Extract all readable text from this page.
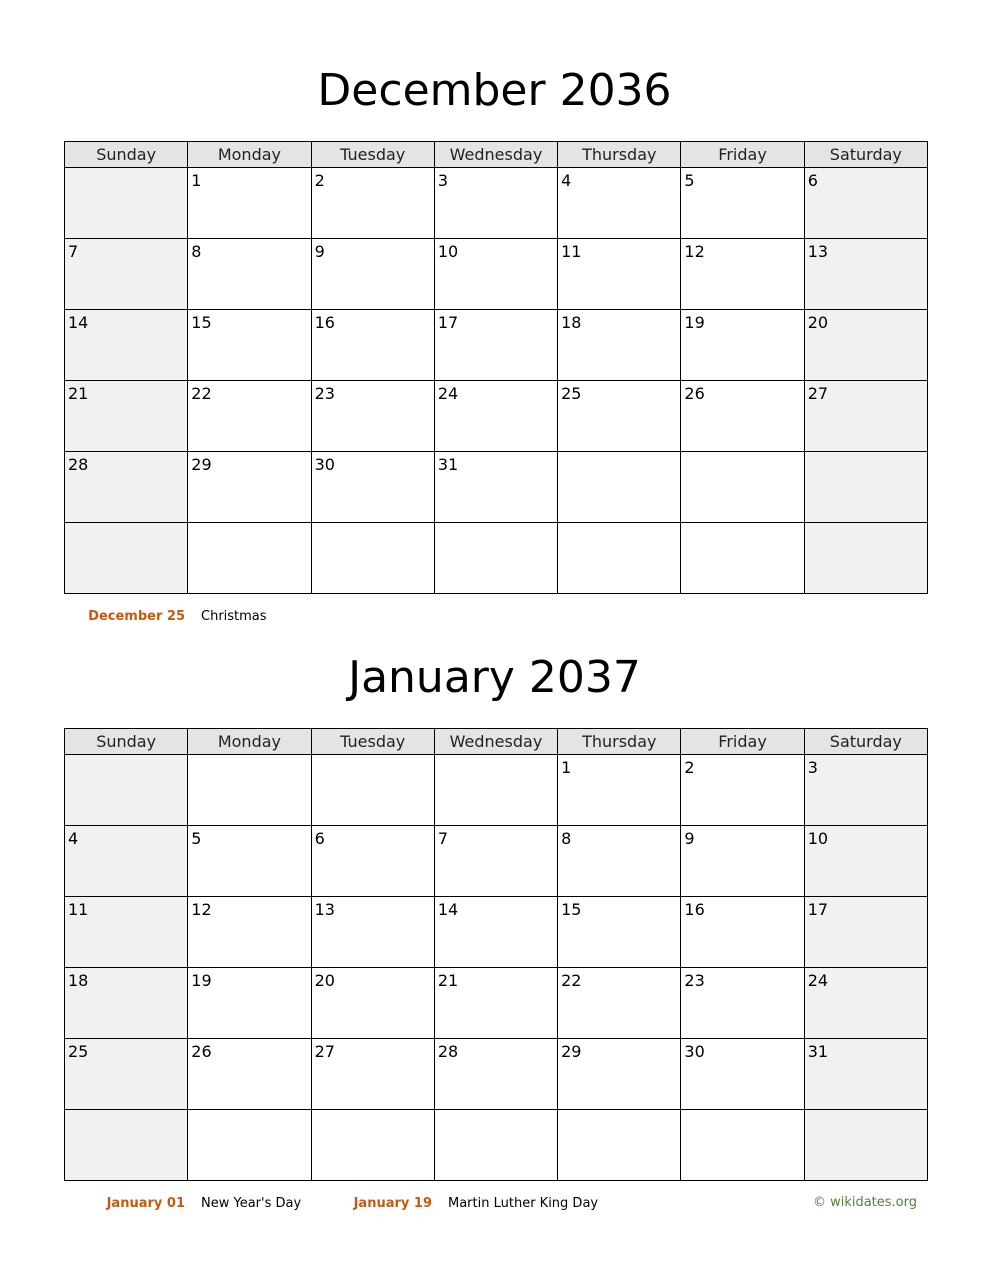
December 2036
Sunday	Monday	Tuesday	Wednesday	Thursday	Friday	Saturday

	1	2	3	4	5	6

7	8	9	10	11	12	13

14	15	16	17	18	19	20

21	22	23	24	25	26	27

28	29	30	31			

December 25 Christmas
January 2037
Sunday	Monday	Tuesday	Wednesday	Thursday	Friday	Saturday

				1	2	3

4	5	6	7	8	9	10

11	12	13	14	15	16	17

18	19	20	21	22	23	24

25	26	27	28	29	30	31

January 01 New Year's Day	January 19 Martin Luther King Day	© wikidates.org
